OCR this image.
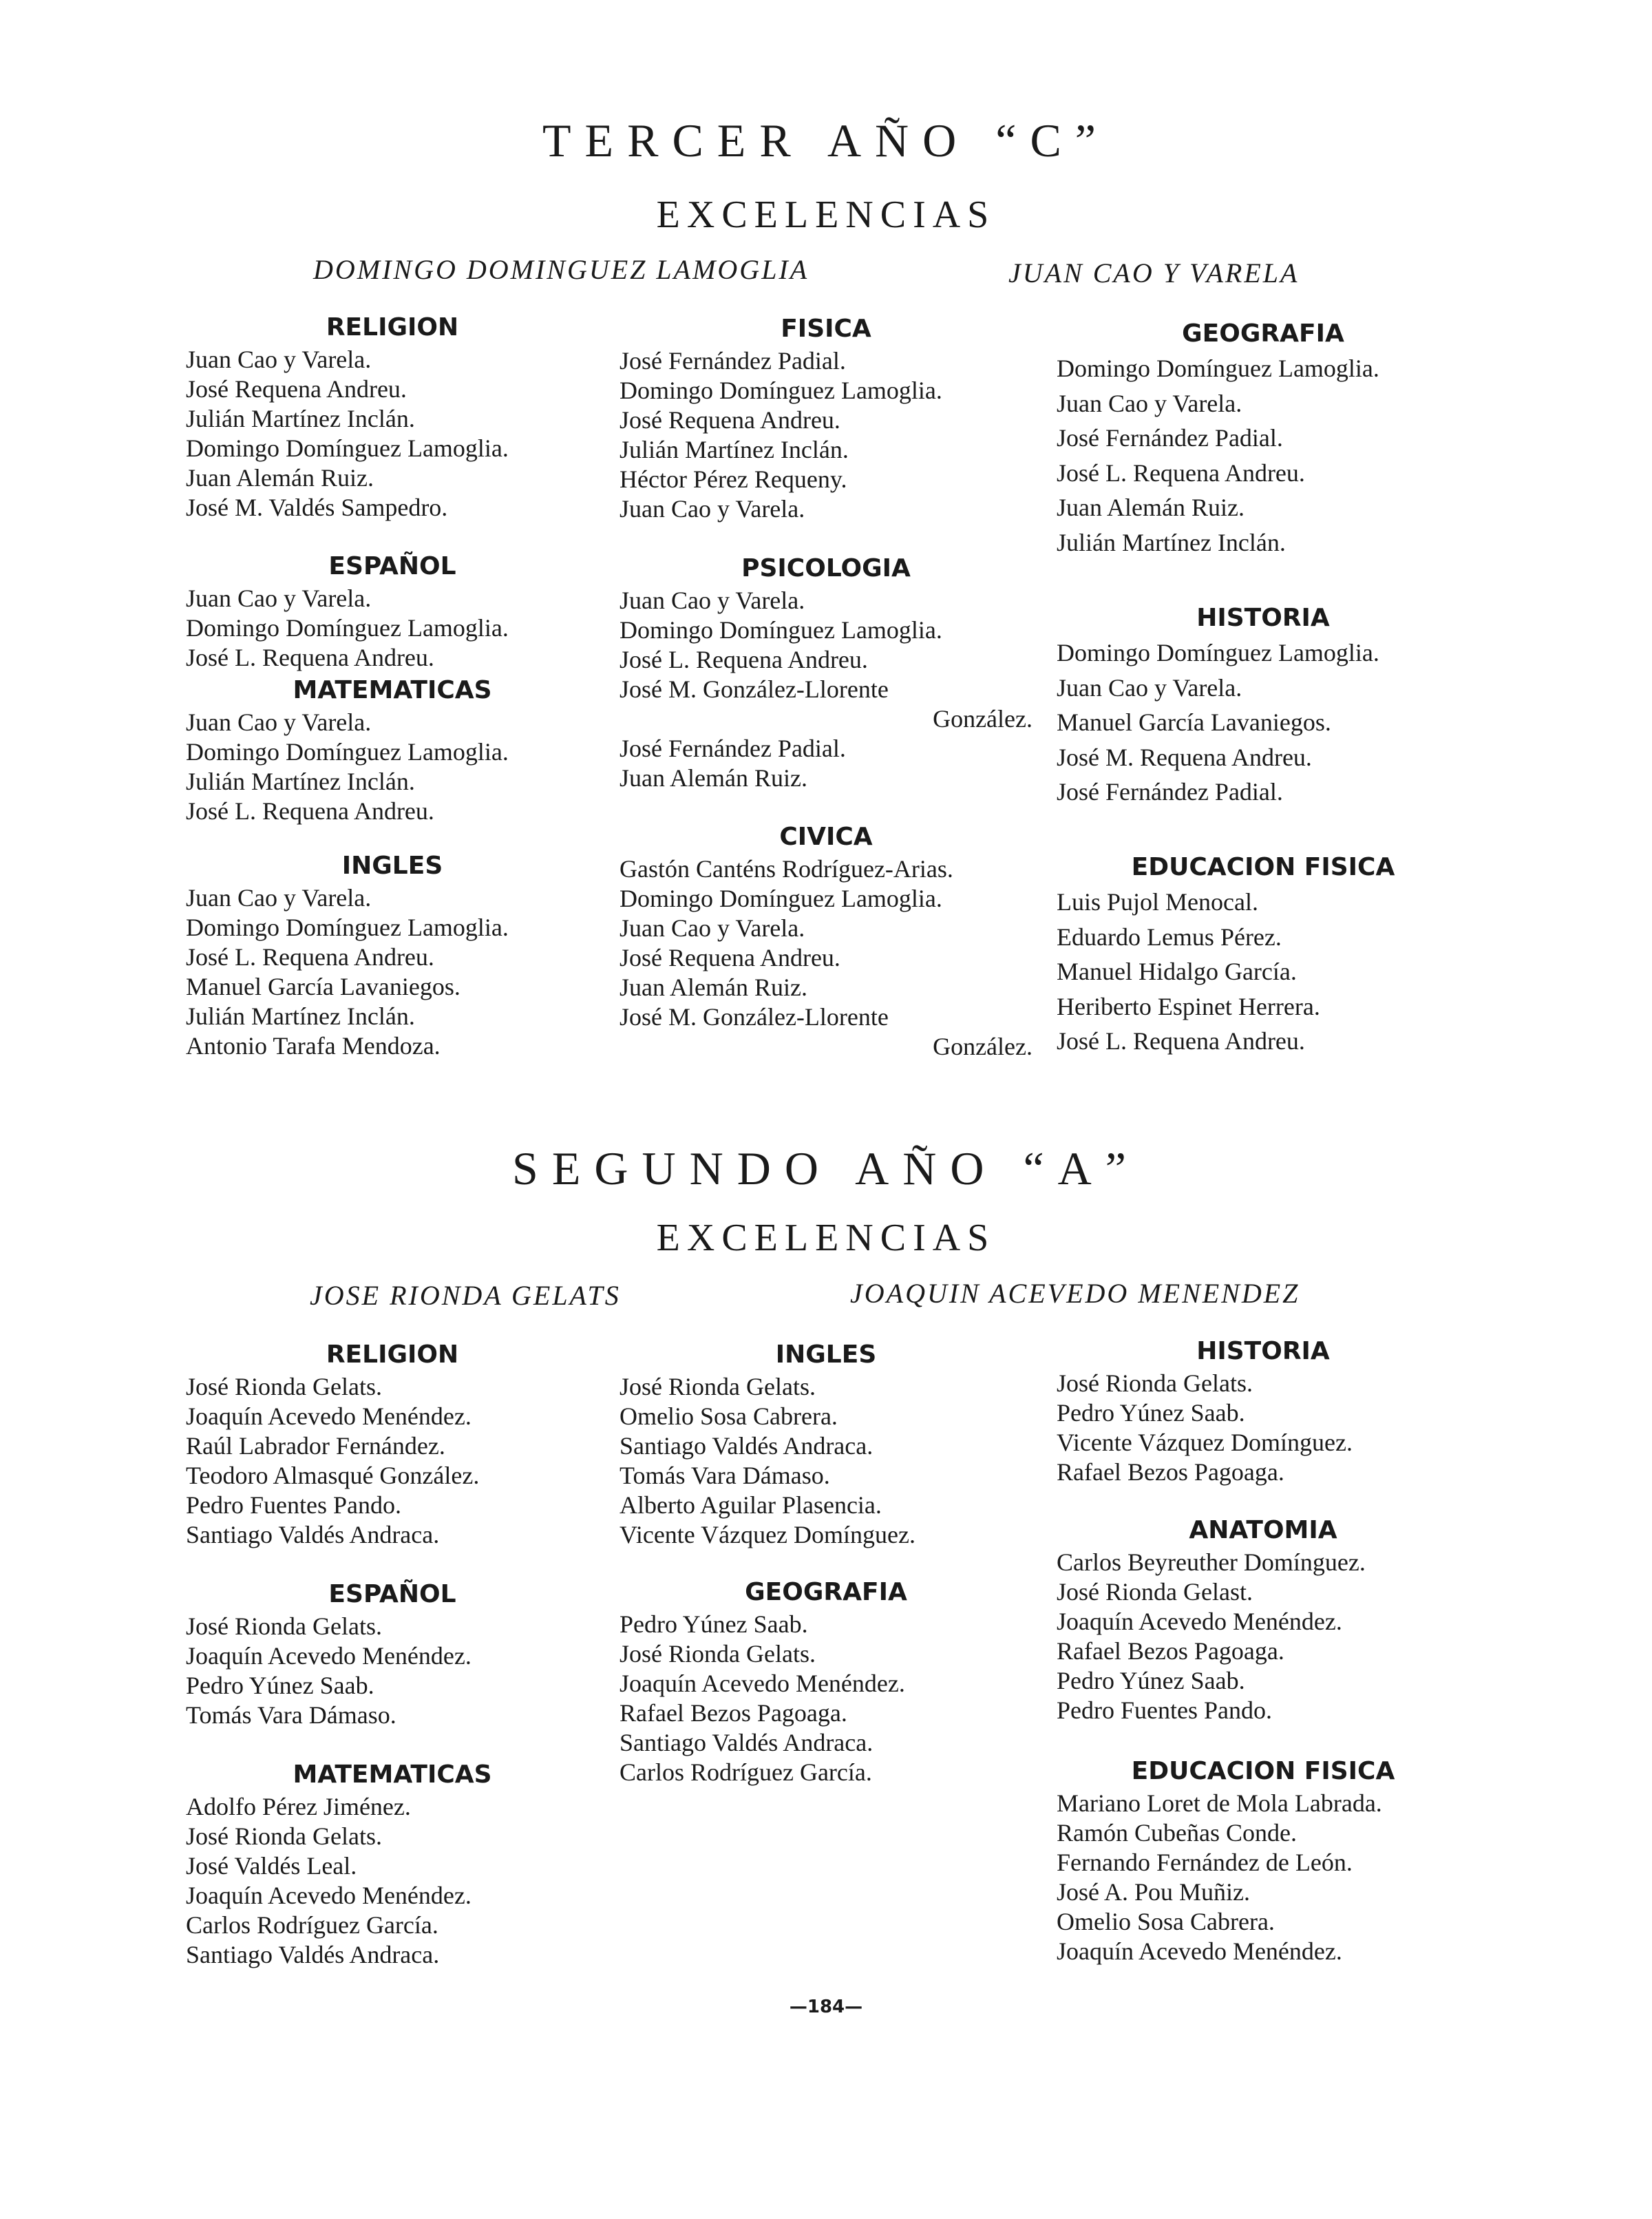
TERCER AÑO “C”
EXCELENCIAS
DOMINGO DOMINGUEZ LAMOGLIA	JUAN CAO Y VARELA
RELIGION
Juan Cao y Varela.
José Requena Andreu.
Julián Martínez Inclán.
Domingo Domínguez Lamoglia.
Juan Alemán Ruiz.
José M. Valdés Sampedro.
ESPAÑOL
Juan Cao y Varela.
Domingo Domínguez Lamoglia.
José L. Requena Andreu.
MATEMATICAS
Juan Cao y Varela.
Domingo Domínguez Lamoglia.
Julián Martínez Inclán.
José L. Requena Andreu.
INGLES
Juan Cao y Varela.
Domingo Domínguez Lamoglia.
José L. Requena Andreu.
Manuel García Lavaniegos.
Julián Martínez Inclán.
Antonio Tarafa Mendoza.
FISICA
José Fernández Padial.
Domingo Domínguez Lamoglia.
José Requena Andreu.
Julián Martínez Inclán.
Héctor Pérez Requeny.
Juan Cao y Varela.
PSICOLOGIA
Juan Cao y Varela.
Domingo Domínguez Lamoglia.
José L. Requena Andreu.
José M. González-Llorente
González.
José Fernández Padial.
Juan Alemán Ruiz.
CIVICA
Gastón Canténs Rodríguez-Arias.
Domingo Domínguez Lamoglia.
Juan Cao y Varela.
José Requena Andreu.
Juan Alemán Ruiz.
José M. González-Llorente
González.
GEOGRAFIA
Domingo Domínguez Lamoglia.
Juan Cao y Varela.
José Fernández Padial.
José L. Requena Andreu.
Juan Alemán Ruiz.
Julián Martínez Inclán.
HISTORIA
Domingo Domínguez Lamoglia.
Juan Cao y Varela.
Manuel García Lavaniegos.
José M. Requena Andreu.
José Fernández Padial.
EDUCACION FISICA
Luis Pujol Menocal.
Eduardo Lemus Pérez.
Manuel Hidalgo García.
Heriberto Espinet Herrera.
José L. Requena Andreu.
SEGUNDO AÑO “A”
EXCELENCIAS
JOSE RIONDA GELATS	JOAQUIN ACEVEDO MENENDEZ
RELIGION
José Rionda Gelats.
Joaquín Acevedo Menéndez.
Raúl Labrador Fernández.
Teodoro Almasqué González.
Pedro Fuentes Pando.
Santiago Valdés Andraca.
ESPAÑOL
José Rionda Gelats.
Joaquín Acevedo Menéndez.
Pedro Yúnez Saab.
Tomás Vara Dámaso.
MATEMATICAS
Adolfo Pérez Jiménez.
José Rionda Gelats.
José Valdés Leal.
Joaquín Acevedo Menéndez.
Carlos Rodríguez García.
Santiago Valdés Andraca.
INGLES
José Rionda Gelats.
Omelio Sosa Cabrera.
Santiago Valdés Andraca.
Tomás Vara Dámaso.
Alberto Aguilar Plasencia.
Vicente Vázquez Domínguez.
GEOGRAFIA
Pedro Yúnez Saab.
José Rionda Gelats.
Joaquín Acevedo Menéndez.
Rafael Bezos Pagoaga.
Santiago Valdés Andraca.
Carlos Rodríguez García.
HISTORIA
José Rionda Gelats.
Pedro Yúnez Saab.
Vicente Vázquez Domínguez.
Rafael Bezos Pagoaga.
ANATOMIA
Carlos Beyreuther Domínguez.
José Rionda Gelast.
Joaquín Acevedo Menéndez.
Rafael Bezos Pagoaga.
Pedro Yúnez Saab.
Pedro Fuentes Pando.
EDUCACION FISICA
Mariano Loret de Mola Labrada.
Ramón Cubeñas Conde.
Fernando Fernández de León.
José A. Pou Muñiz.
Omelio Sosa Cabrera.
Joaquín Acevedo Menéndez.
—184—
